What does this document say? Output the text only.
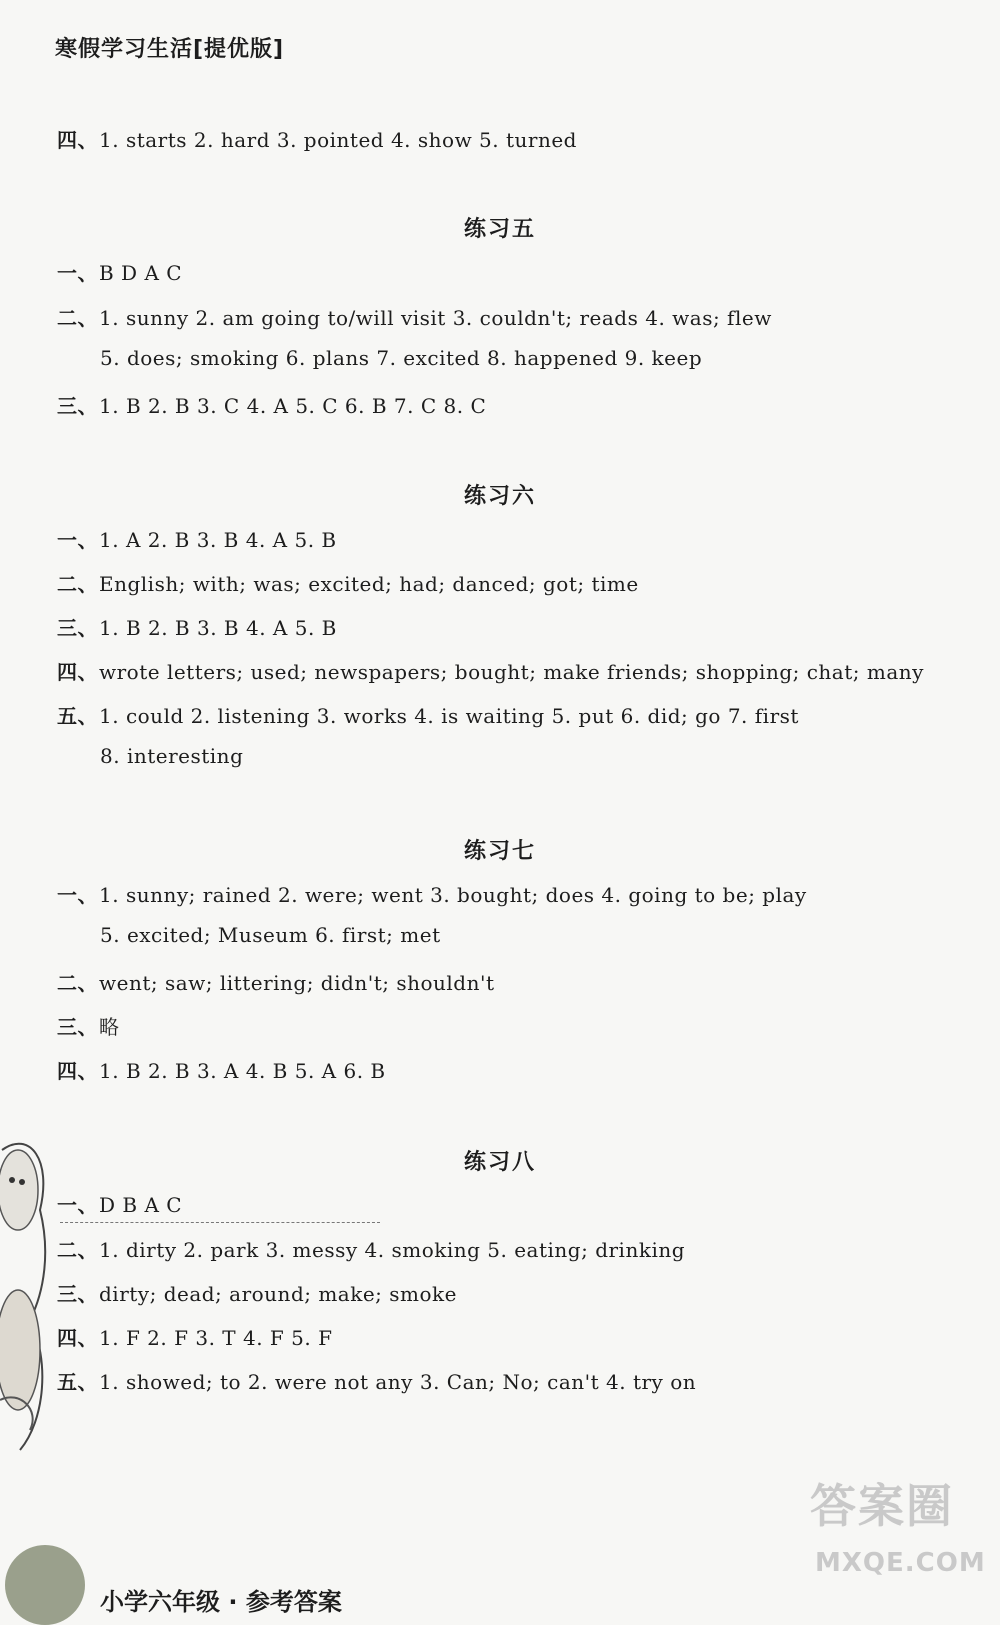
寒假学习生活[提优版]
四、1. starts 2. hard 3. pointed 4. show 5. turned
练习五
一、B D A C
二、1. sunny 2. am going to/will visit 3. couldn't; reads 4. was; flew
5. does; smoking 6. plans 7. excited 8. happened 9. keep
三、1. B 2. B 3. C 4. A 5. C 6. B 7. C 8. C
练习六
一、1. A 2. B 3. B 4. A 5. B
二、English; with; was; excited; had; danced; got; time
三、1. B 2. B 3. B 4. A 5. B
四、wrote letters; used; newspapers; bought; make friends; shopping; chat; many
五、1. could 2. listening 3. works 4. is waiting 5. put 6. did; go 7. first
8. interesting
练习七
一、1. sunny; rained 2. were; went 3. bought; does 4. going to be; play
5. excited; Museum 6. first; met
二、went; saw; littering; didn't; shouldn't
三、略
四、1. B 2. B 3. A 4. B 5. A 6. B
练习八
一、D B A C
二、1. dirty 2. park 3. messy 4. smoking 5. eating; drinking
三、dirty; dead; around; make; smoke
四、1. F 2. F 3. T 4. F 5. F
五、1. showed; to 2. were not any 3. Can; No; can't 4. try on
小学六年级 · 参考答案
答案圈
MXQE.COM
